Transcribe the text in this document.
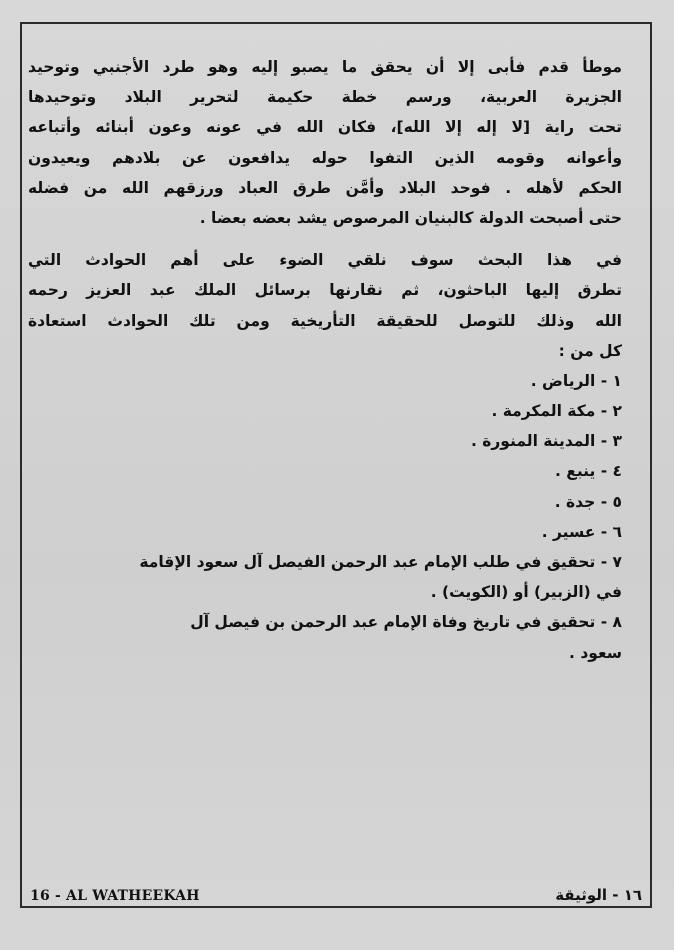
موطأ قدم فأبى إلا أن يحقق ما يصبو إليه وهو طرد الأجنبي وتوحيد
الجزيرة العربية، ورسم خطة حكيمة لتحرير البلاد وتوحيدها
تحت راية [لا إله إلا الله]، فكان الله في عونه وعون أبنائه وأتباعه
وأعوانه وقومه الذين التفوا حوله يدافعون عن بلادهم ويعيدون
الحكم لأهله . فوحد البلاد وأمَّن طرق العباد ورزقهم الله من فضله
حتى أصبحت الدولة كالبنيان المرصوص يشد بعضه بعضا .
في هذا البحث سوف نلقي الضوء على أهم الحوادث التي
تطرق إليها الباحثون، ثم نقارنها برسائل الملك عبد العزيز رحمه
الله وذلك للتوصل للحقيقة التأريخية ومن تلك الحوادث استعادة
كل من :
١ - الرياض .
٢ - مكة المكرمة .
٣ - المدينة المنورة .
٤ - ينبع .
٥ - جدة .
٦ - عسير .
٧ - تحقيق في طلب الإمام عبد الرحمن الفيصل آل سعود الإقامة
في (الزبير) أو (الكويت) .
٨ - تحقيق في تاريخ وفاة الإمام عبد الرحمن بن فيصل آل
سعود .
16 - AL WATHEEKAH	١٦ - الوثيقة
